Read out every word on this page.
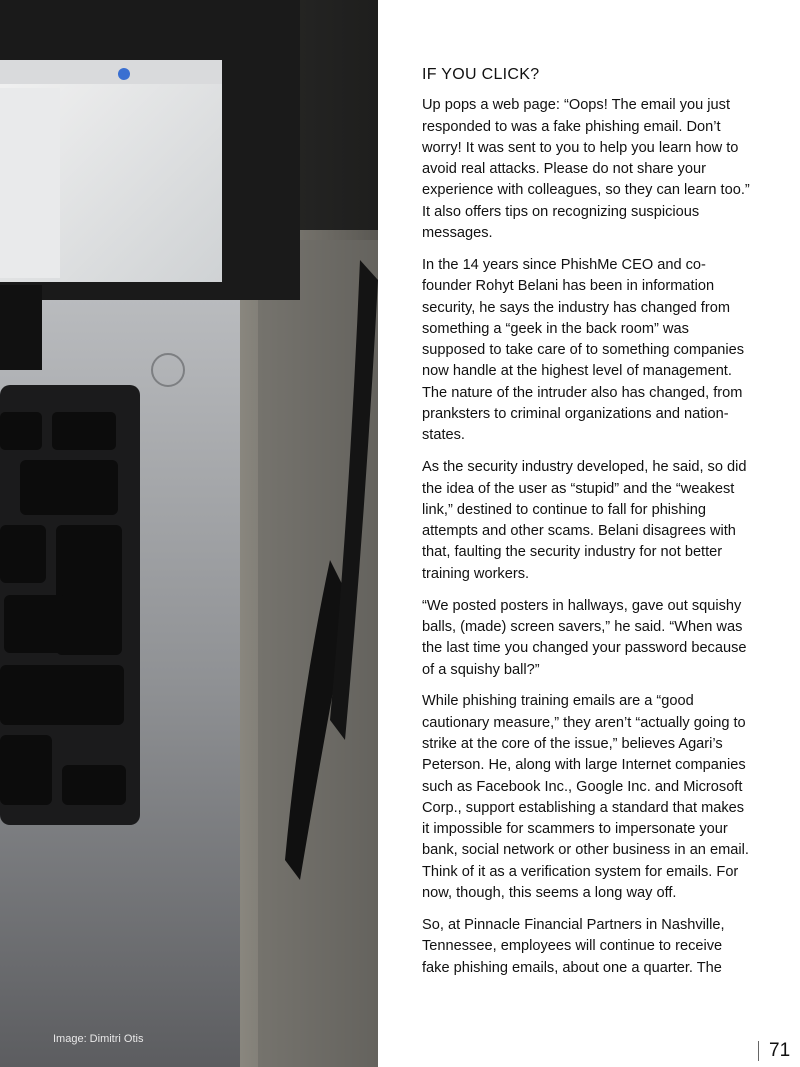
Image: Dimitri Otis
IF YOU CLICK?

Up pops a web page: “Oops! The email you just responded to was a fake phishing email. Don’t worry! It was sent to you to help you learn how to avoid real attacks. Please do not share your experience with colleagues, so they can learn too.” It also offers tips on recognizing suspicious messages.

In the 14 years since PhishMe CEO and co-founder Rohyt Belani has been in information security, he says the industry has changed from something a “geek in the back room” was supposed to take care of to something companies now handle at the highest level of management. The nature of the intruder also has changed, from pranksters to criminal organizations and nation-states.

As the security industry developed, he said, so did the idea of the user as “stupid” and the “weakest link,” destined to continue to fall for phishing attempts and other scams. Belani disagrees with that, faulting the security industry for not better training workers.

“We posted posters in hallways, gave out squishy balls, (made) screen savers,” he said. “When was the last time you changed your password because of a squishy ball?”

While phishing training emails are a “good cautionary measure,” they aren’t “actually going to strike at the core of the issue,” believes Agari’s Peterson. He, along with large Internet companies such as Facebook Inc., Google Inc. and Microsoft Corp., support establishing a standard that makes it impossible for scammers to impersonate your bank, social network or other business in an email. Think of it as a verification system for emails. For now, though, this seems a long way off.

So, at Pinnacle Financial Partners in Nashville, Tennessee, employees will continue to receive fake phishing emails, about one a quarter. The

71
